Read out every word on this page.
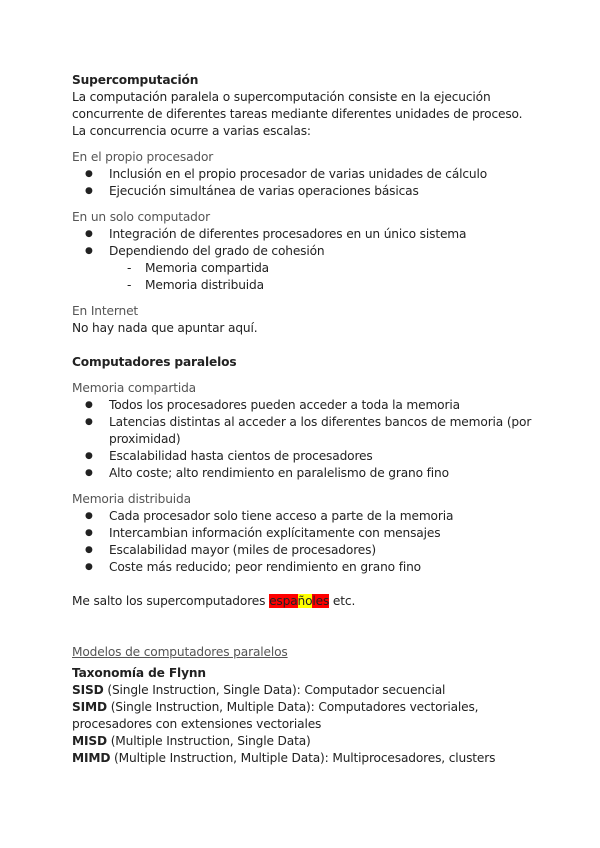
Supercomputación

La computación paralela o supercomputación consiste en la ejecución concurrente de diferentes tareas mediante diferentes unidades de proceso.

La concurrencia ocurre a varias escalas:

En el propio procesador

● Inclusión en el propio procesador de varias unidades de cálculo
● Ejecución simultánea de varias operaciones básicas

En un solo computador

● Integración de diferentes procesadores en un único sistema
● Dependiendo del grado de cohesión
- Memoria compartida
- Memoria distribuida

En Internet

No hay nada que apuntar aquí.

Computadores paralelos

Memoria compartida

● Todos los procesadores pueden acceder a toda la memoria
● Latencias distintas al acceder a los diferentes bancos de memoria (por proximidad)
● Escalabilidad hasta cientos de procesadores
● Alto coste; alto rendimiento en paralelismo de grano fino

Memoria distribuida

● Cada procesador solo tiene acceso a parte de la memoria
● Intercambian información explícitamente con mensajes
● Escalabilidad mayor (miles de procesadores)
● Coste más reducido; peor rendimiento en grano fino

Me salto los supercomputadores españoles etc.

Modelos de computadores paralelos

Taxonomía de Flynn

SISD (Single Instruction, Single Data): Computador secuencial

SIMD (Single Instruction, Multiple Data): Computadores vectoriales, procesadores con extensiones vectoriales

MISD (Multiple Instruction, Single Data)

MIMD (Multiple Instruction, Multiple Data): Multiprocesadores, clusters
